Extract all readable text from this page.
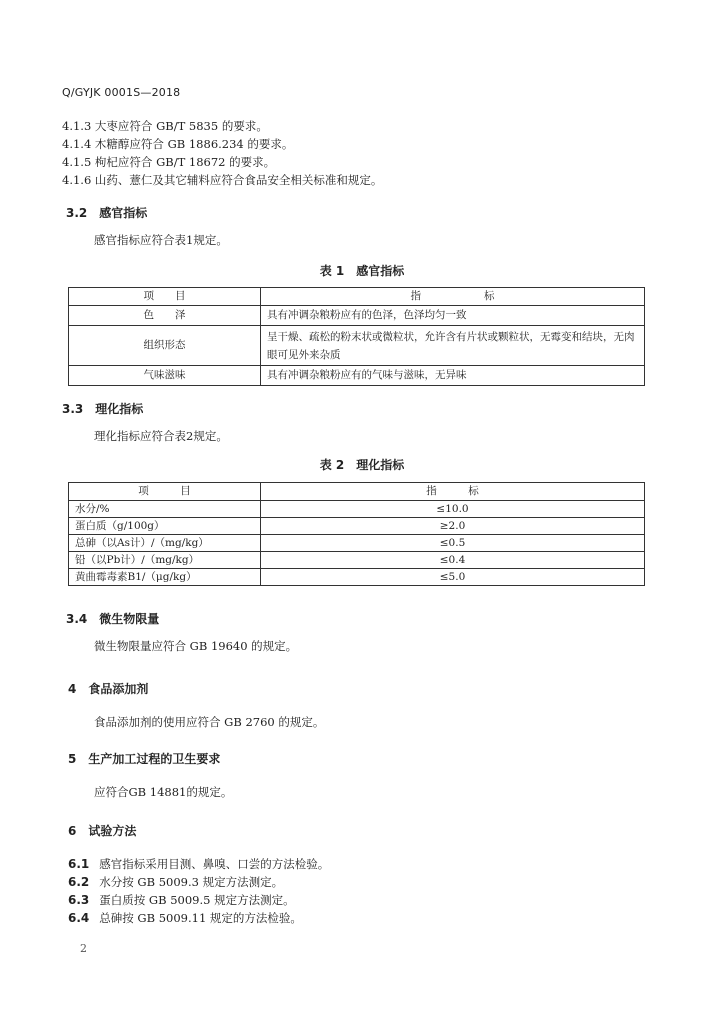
Q/GYJK 0001S—2018
4.1.3 大枣应符合 GB/T 5835 的要求。
4.1.4 木糖醇应符合 GB 1886.234 的要求。
4.1.5 枸杞应符合 GB/T 18672 的要求。
4.1.6 山药、薏仁及其它辅料应符合食品安全相关标准和规定。
3.2 感官指标
感官指标应符合表1规定。
表 1　感官指标
项　　目	指　　　　　　标
色　　泽	具有冲调杂粮粉应有的色泽，色泽均匀一致
组织形态	呈干燥、疏松的粉末状或微粒状，允许含有片状或颗粒状，无霉变和结块，无肉眼可见外来杂质
气味滋味	具有冲调杂粮粉应有的气味与滋味，无异味
3.3 理化指标
理化指标应符合表2规定。
表 2　理化指标
项　　　目	指　　　标
水分/%	≤10.0
蛋白质（g/100g）	≥2.0
总砷（以As计）/（mg/kg）	≤0.5
铅（以Pb计）/（mg/kg）	≤0.4
黄曲霉毒素B1/（μg/kg）	≤5.0
3.4 微生物限量
微生物限量应符合 GB 19640 的规定。
4 食品添加剂
食品添加剂的使用应符合 GB 2760 的规定。
5 生产加工过程的卫生要求
应符合GB 14881的规定。
6 试验方法
6.1 感官指标采用目测、鼻嗅、口尝的方法检验。
6.2 水分按 GB 5009.3 规定方法测定。
6.3 蛋白质按 GB 5009.5 规定方法测定。
6.4 总砷按 GB 5009.11 规定的方法检验。
2
